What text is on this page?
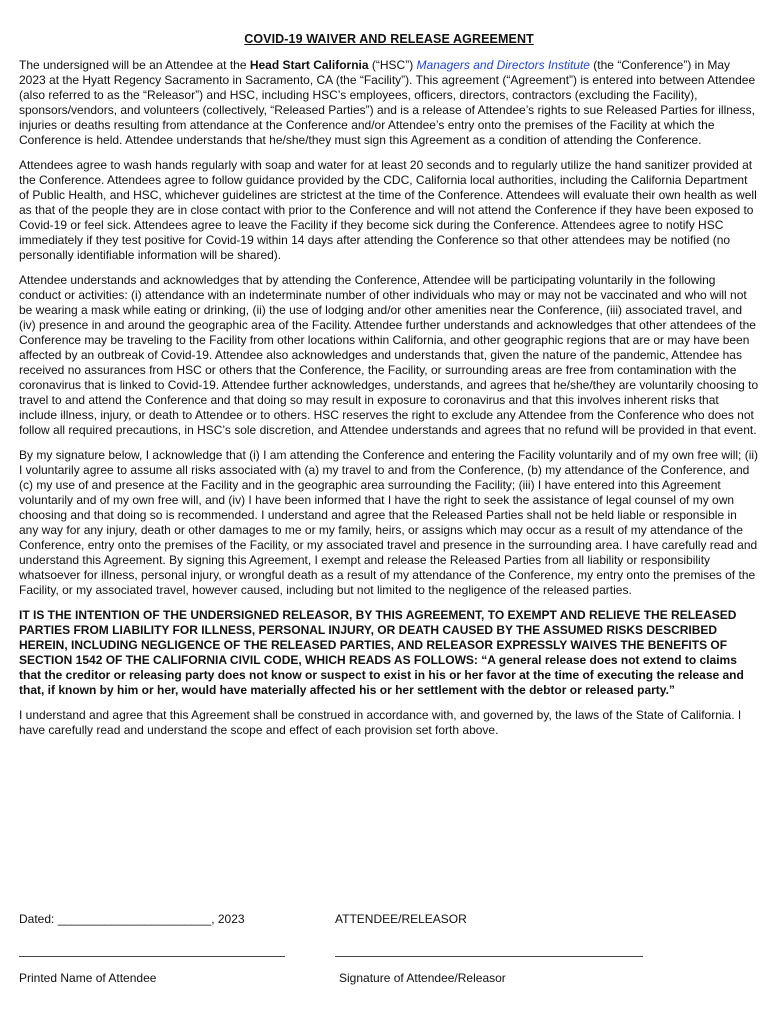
COVID-19 WAIVER AND RELEASE AGREEMENT

The undersigned will be an Attendee at the Head Start California (“HSC”) Managers and Directors Institute (the “Conference”) in May 2023 at the Hyatt Regency Sacramento in Sacramento, CA (the “Facility”). This agreement (“Agreement”) is entered into between Attendee (also referred to as the “Releasor”) and HSC, including HSC’s employees, officers, directors, contractors (excluding the Facility), sponsors/vendors, and volunteers (collectively, “Released Parties”) and is a release of Attendee’s rights to sue Released Parties for illness, injuries or deaths resulting from attendance at the Conference and/or Attendee’s entry onto the premises of the Facility at which the Conference is held. Attendee understands that he/she/they must sign this Agreement as a condition of attending the Conference.

Attendees agree to wash hands regularly with soap and water for at least 20 seconds and to regularly utilize the hand sanitizer provided at the Conference. Attendees agree to follow guidance provided by the CDC, California local authorities, including the California Department of Public Health, and HSC, whichever guidelines are strictest at the time of the Conference. Attendees will evaluate their own health as well as that of the people they are in close contact with prior to the Conference and will not attend the Conference if they have been exposed to Covid-19 or feel sick. Attendees agree to leave the Facility if they become sick during the Conference. Attendees agree to notify HSC immediately if they test positive for Covid-19 within 14 days after attending the Conference so that other attendees may be notified (no personally identifiable information will be shared).

Attendee understands and acknowledges that by attending the Conference, Attendee will be participating voluntarily in the following conduct or activities: (i) attendance with an indeterminate number of other individuals who may or may not be vaccinated and who will not be wearing a mask while eating or drinking, (ii) the use of lodging and/or other amenities near the Conference, (iii) associated travel, and (iv) presence in and around the geographic area of the Facility. Attendee further understands and acknowledges that other attendees of the Conference may be traveling to the Facility from other locations within California, and other geographic regions that are or may have been affected by an outbreak of Covid-19. Attendee also acknowledges and understands that, given the nature of the pandemic, Attendee has received no assurances from HSC or others that the Conference, the Facility, or surrounding areas are free from contamination with the coronavirus that is linked to Covid-19. Attendee further acknowledges, understands, and agrees that he/she/they are voluntarily choosing to travel to and attend the Conference and that doing so may result in exposure to coronavirus and that this involves inherent risks that include illness, injury, or death to Attendee or to others. HSC reserves the right to exclude any Attendee from the Conference who does not follow all required precautions, in HSC’s sole discretion, and Attendee understands and agrees that no refund will be provided in that event.

By my signature below, I acknowledge that (i) I am attending the Conference and entering the Facility voluntarily and of my own free will; (ii) I voluntarily agree to assume all risks associated with (a) my travel to and from the Conference, (b) my attendance of the Conference, and (c) my use of and presence at the Facility and in the geographic area surrounding the Facility; (iii) I have entered into this Agreement voluntarily and of my own free will, and (iv) I have been informed that I have the right to seek the assistance of legal counsel of my own choosing and that doing so is recommended. I understand and agree that the Released Parties shall not be held liable or responsible in any way for any injury, death or other damages to me or my family, heirs, or assigns which may occur as a result of my attendance of the Conference, entry onto the premises of the Facility, or my associated travel and presence in the surrounding area. I have carefully read and understand this Agreement. By signing this Agreement, I exempt and release the Released Parties from all liability or responsibility whatsoever for illness, personal injury, or wrongful death as a result of my attendance of the Conference, my entry onto the premises of the Facility, or my associated travel, however caused, including but not limited to the negligence of the released parties.

IT IS THE INTENTION OF THE UNDERSIGNED RELEASOR, BY THIS AGREEMENT, TO EXEMPT AND RELIEVE THE RELEASED PARTIES FROM LIABILITY FOR ILLNESS, PERSONAL INJURY, OR DEATH CAUSED BY THE ASSUMED RISKS DESCRIBED HEREIN, INCLUDING NEGLIGENCE OF THE RELEASED PARTIES, AND RELEASOR EXPRESSLY WAIVES THE BENEFITS OF SECTION 1542 OF THE CALIFORNIA CIVIL CODE, WHICH READS AS FOLLOWS: “A general release does not extend to claims that the creditor or releasing party does not know or suspect to exist in his or her favor at the time of executing the release and that, if known by him or her, would have materially affected his or her settlement with the debtor or released party.”

I understand and agree that this Agreement shall be construed in accordance with, and governed by, the laws of the State of California. I have carefully read and understand the scope and effect of each provision set forth above.

Dated: _______________________, 2023	ATTENDEE/RELEASOR
Printed Name of Attendee	Signature of Attendee/Releasor
